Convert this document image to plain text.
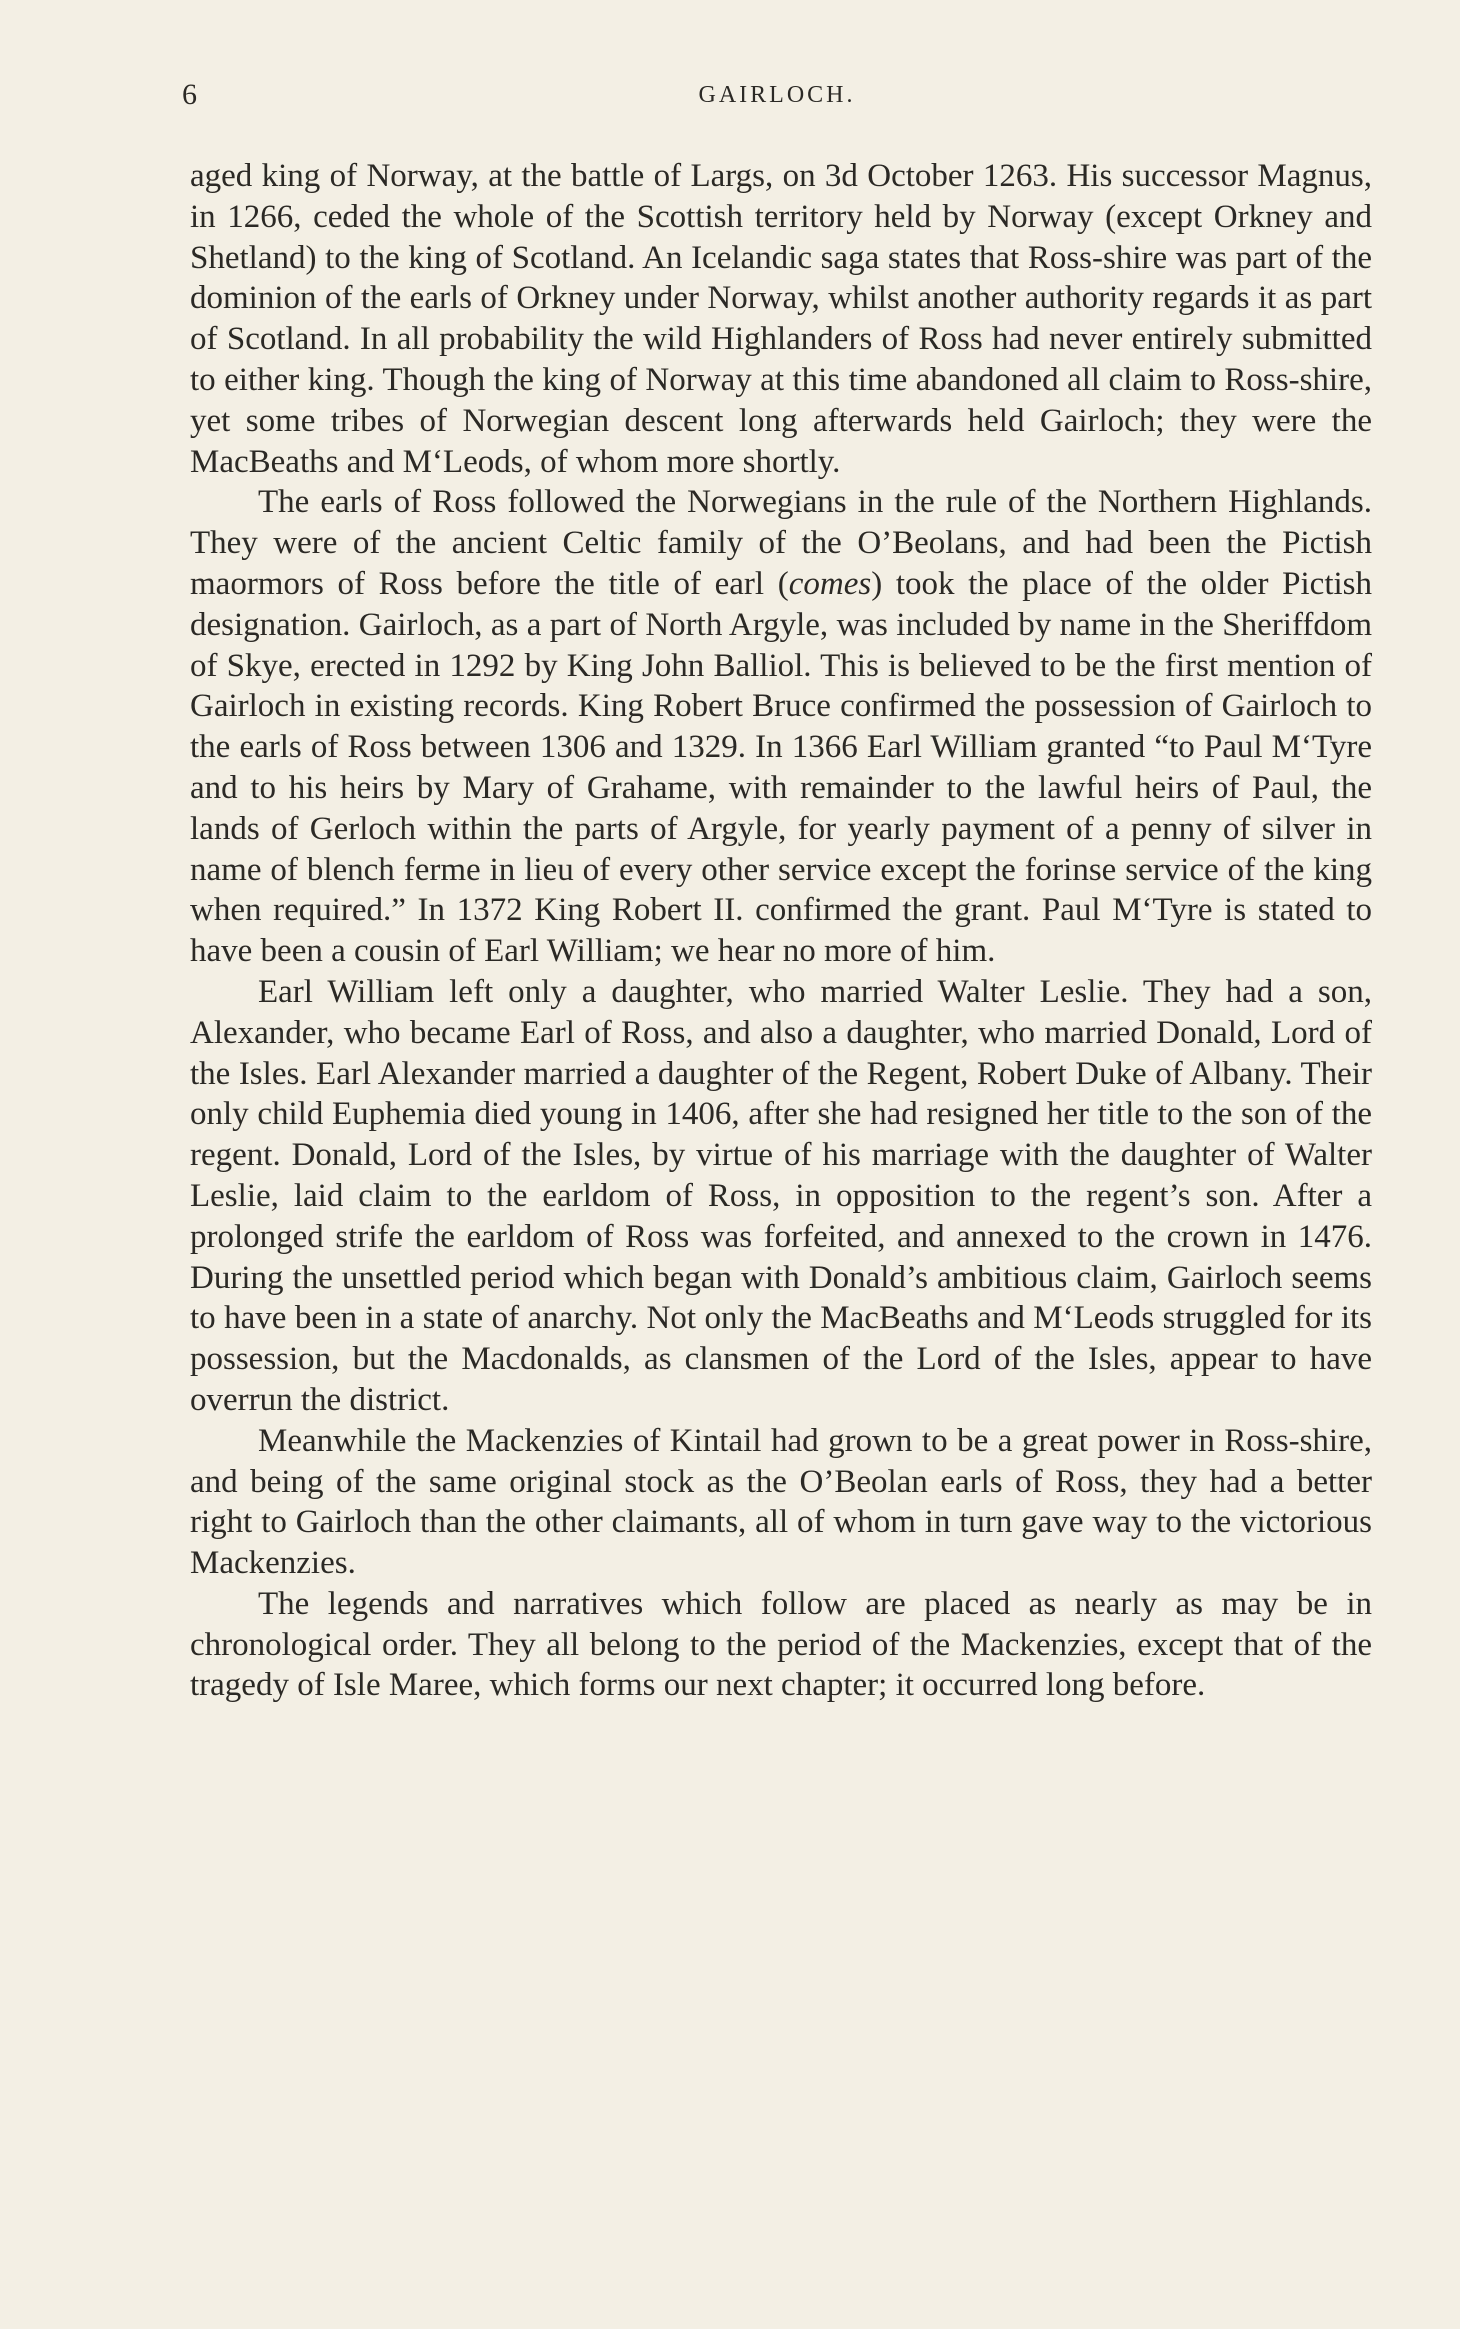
6	GAIRLOCH.

aged king of Norway, at the battle of Largs, on 3d October 1263. His successor Magnus, in 1266, ceded the whole of the Scottish territory held by Norway (except Orkney and Shetland) to the king of Scotland. An Icelandic saga states that Ross-shire was part of the dominion of the earls of Orkney under Norway, whilst another authority regards it as part of Scotland. In all probability the wild Highlanders of Ross had never entirely submitted to either king. Though the king of Norway at this time abandoned all claim to Ross-shire, yet some tribes of Norwegian descent long afterwards held Gairloch; they were the MacBeaths and M‘Leods, of whom more shortly.

The earls of Ross followed the Norwegians in the rule of the Northern Highlands. They were of the ancient Celtic family of the O’Beolans, and had been the Pictish maormors of Ross before the title of earl (comes) took the place of the older Pictish designation. Gairloch, as a part of North Argyle, was included by name in the Sheriffdom of Skye, erected in 1292 by King John Balliol. This is believed to be the first mention of Gairloch in existing records. King Robert Bruce confirmed the possession of Gairloch to the earls of Ross between 1306 and 1329. In 1366 Earl William granted “to Paul M‘Tyre and to his heirs by Mary of Grahame, with remainder to the lawful heirs of Paul, the lands of Gerloch within the parts of Argyle, for yearly payment of a penny of silver in name of blench ferme in lieu of every other service except the forinse service of the king when required.” In 1372 King Robert II. confirmed the grant. Paul M‘Tyre is stated to have been a cousin of Earl William; we hear no more of him.

Earl William left only a daughter, who married Walter Leslie. They had a son, Alexander, who became Earl of Ross, and also a daughter, who married Donald, Lord of the Isles. Earl Alexander married a daughter of the Regent, Robert Duke of Albany. Their only child Euphemia died young in 1406, after she had resigned her title to the son of the regent. Donald, Lord of the Isles, by virtue of his marriage with the daughter of Walter Leslie, laid claim to the earldom of Ross, in opposition to the regent’s son. After a prolonged strife the earldom of Ross was forfeited, and annexed to the crown in 1476. During the unsettled period which began with Donald’s ambitious claim, Gairloch seems to have been in a state of anarchy. Not only the MacBeaths and M‘Leods struggled for its possession, but the Macdonalds, as clansmen of the Lord of the Isles, appear to have overrun the district.

Meanwhile the Mackenzies of Kintail had grown to be a great power in Ross-shire, and being of the same original stock as the O’Beolan earls of Ross, they had a better right to Gairloch than the other claimants, all of whom in turn gave way to the victorious Mackenzies.

The legends and narratives which follow are placed as nearly as may be in chronological order. They all belong to the period of the Mackenzies, except that of the tragedy of Isle Maree, which forms our next chapter; it occurred long before.
